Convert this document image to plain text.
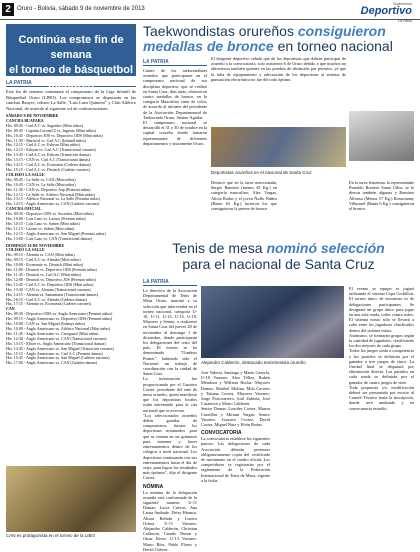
2	Oruro - Bolivia, sábado 9 de noviembre de 2013
Suplemento
Deportivo
La Patria
Continúa este fin de semana
el torneo de básquetbol menores
LA PATRIA
Este fin de semana continuará el campeonato de la Liga Infantil de Básquetbol Oruro (LIBO). Los compromisos se disputarán en las canchas Bauyre, coliseo La Salle, "Luis Lazo Quintero" y Club Atlético Nacional, de acuerdo al siguiente rol de confrontaciones:
SÁBADO 9 DE NOVIEMBRE
CANCHA BUAYARA
Hrs. 09:45 - Carl A.C vs. Sagrados (Mini niños)
Hrs. 09:45 - Capitán Coronel Z vs. Ingenio (Mini niños)
Hrs. 10:45 - Deportivo JOS vs. Deportivo ODS (Mini niñas)
Hrs. 11:30 - Mariscal vs. Carl A.C (Infantil niños)
Hrs. 12:15 - Carl A.C vs. Esbyan (Mini niños)
Hrs. 12:15 - Esbyan vs. Carl A.C (Transicional varones)
Hrs. 13:45 - Carl A.C vs. Esbyan (Transición damas)
Hrs. 13:15 - CAN vs. Carl A.C (Transicional damas)
Hrs. 14:15 - Carl A.C vs. Economía (Cadetes damas)
Hrs. 15:15 - Carl A.C vs. Deutsch (Cadetes varones)
COLISEO LA SALLE
Hrs. 09:45 - La Salle vs. CAN (Mini niños)
Hrs. 10:45 - CAN vs. La Salle (Mini niños)
Hrs. 11:30 - CAN vs. Deportivo Aap (Premini niñas)
Hrs. 12:15 - La Salle vs. Atlético Nacional (Mini niñas)
Hrs. 13:15 - Atlético Nacional vs. La Salle (Premini niñas)
Hrs. 14:15 - Anglo Americano vs. CAN (Cadetes varones)
CANCHA OFICIAL
Hrs. 09:30 - Deportivo ODS vs. Sacrados (Mini niños)
Hrs. 10:00 - Luis Lazo vs. Lazaro (Premini niñas)
Hrs. 10:15 - Luis Lazo vs. Saben (Mini niños)
Hrs. 11:15 - Lazaro vs. Saben (Mini niñas)
Hrs. 12:15 - Anglo Americano vs. San Miguel (Premini niños)
Hrs. 13:00 - Luis Lazo vs. CAN (Transicional damas)
DOMINGO 10 DE NOVIEMBRE
COLISEO LA SALLE
Hrs. 09:15 - Alemán vs. CAN (Mini niñas)
Hrs. 09:15 - Carl A.C vs. Alemán (Mini niños)
Hrs. 10:00 - Economía vs. Deutsch (Mini niños)
Hrs. 11:00 - Deutsch vs. Deportivo ODS (Premini niñas)
Hrs. 11:45 - Deutsch vs. Carl A.C (Mini niñas)
Hrs. 12:00 - Deutsch vs. Deportivo JOS (Premini niños)
Hrs. 12:45 - Carl A.C vs. Deportivo ODS (Mini niños)
Hrs. 13:30 - CAN vs. Alemán (Transicional varones)
Hrs. 14:15 - Alemán vs. Santamaría (Transicional damas)
Hrs. 16:15 - Carl A.C vs. Alemán (Cadetes damas)
Hrs. 17:15 - Alemán vs. Economía (Cadetes varones)
CAN
Hrs. 09:30 - Deportivo ODS vs. Anglo Americano (Premini niños)
Hrs. 09:15 - Anglo Americano vs. Deportivo ODS (Premini niñas)
Hrs. 10:00 - CAN vs. San Miguel (Infanys niños)
Hrs. 10:00 - Anglo Americano vs. Atlético Nacional (Mini niñas)
Hrs. 11:45 - Anglo Americano vs. Caseguaol (Mini niñas)
Hrs. 12:30 - Anglo Americano vs. CAN (Transicional varones)
Hrs. 13:15 - Elixer vs. Anglo Americano (Transicional damas)
Hrs. 14:45 - Anglo Americano vs. San Miguel (Transición varones)
Hrs. 15:15 - Anglo Americano vs. Carl A.C (Premini damas)
Hrs. 15:45 - Anglo Americano vs. San Miguel (Cadetes varones)
Hrs. 17:00 - Anglo Americano vs. CAN (Cadetes damas)
CAN es protagonista en el torneo de la LIBO
Taekwondistas orureños consiguieron
medallas de bronce en torneo nacional
LA PATRIA
Cuatro de los taekwondistas orureños que participaron en el campeonato nacional de esa disciplina deportiva, que se realizó en Santa Cruz, días atrás, obtuvieron cuatro medallas de bronce, en la categoría Masculino cinta de color, de acuerdo al informe del presidente de la Asociación Departamental de Taekwondo Oruro, Steiner Aguilar.
El campeonato nacional se desarrolló el 31 y 30 de octubre en la capital cruceña donde tomaron representantes de diferentes departamentos y únicamente Oruro.
El dirigente deportivo señaló que de los deportistas que debían participar de acuerdo a la convocatoria, solo asistieron 6 de Oruro debido a que muchos no obtuvieron también quienes en las pruebas de distinción por permiso, ya que la falta de equipamiento y adecuación de los deportistas al sistema de puntuación electrónica no fue del todo óptimo.
Deportistas orureños en el nacional de Santa Cruz
Destacó que en la tarea mencionada, Sergio Ramírez (menos 45 Kg.) en categoría masculino; Alex Vargas, Alicia Rodas y el joven Ñuflo Núñez (Banta 63 Kg.) lucieron los que consiguieron la presea de bronce.
En la tarea femenina, la representante Ronaldo Romero Santa Ulloa, se le dieron también algunas y Ramírez Alfonso (Menos 57 Kg.) Rossomany Villarruel (Banta 6 Kg.) consiguieron el bronce.
Tenis de mesa nominó selección
para el nacional de Santa Cruz
LA PATRIA
La directiva de la Asociación Departamental de Tenis de Mesa Oruro, nominó a su selección que intervendrá en el torneo nacional, categoría U-10, U-11, U-13, U-15, U-18, Mayores y Senior, a realizarse en Santa Cruz del jueves 28 de noviembre al domingo 1 de diciembre, donde participarán los delegaciones del resto del país. El evento se ha denominado "Gimbsrs Primer", habiendo sido el Nacional un trabajo de coordinación con la ciudad de Santa Cruz.
La información fue proporcionada por el Gustavo Cortez, presidente del ente de mesa orureño, quien manifestó que los deportistas locales están entrenando para la cita nacional que se avecina.
"Los seleccionados orureños deben guardar de compromisos; fuimos los deportistas nominados para que se reúnan en un gimnasio para entrenar y hacer entrenamientos dentro de los colegios a nivel nacional. Los deportistas continuarán con sus entrenamientos hasta el día de viaje, para lograr los resultados más óptimos", dijo el dirigente Cortez.
NÓMINA
La nómina de la delegación orureña está conformada de la siguiente manera: U-11 Damas: Lucia Cuevas, Ana Laura Andrade, Deisy Huanca, Alison Beltrán y Lucero Ochoa. U-11 Varones: Alejandro Calderón, Christian Calderón, Camilo Duran y Omar Rivas. U-13 Varones: Mario Ríos, Pablo Flores y David Chávez.
Alejandro Calderón, destacado tenismesista orureño
José Valeria, Santiago y Mario Cazorla, U-18 Varones: Alex Téllez, Rubén Mendoza y William Rocha. Mayores Damas: Maribel Molina, Mila Caceres y Tatiana Correa, Mayores Varones: Jorge Portocarrero, José Zubieta, José Casanova y Mario Calderón.
Senior Damas: Lourdes Cortez, Marisa Castellón y Miriam Vargas. Senior Varones: Gustavo Cortez, David Cortez, Miguel Ruiz y Efrén Rodas.
CONVOCATORIA
La convocatoria establece los siguientes puntos: Las delegaciones de cada Asociación deberán presentar obligatoriamente copia del certificado de nacimiento en el cuadro oficial. Los competidores se registrarán por el reglamento de la Federación Internacional de Tenis de Mesa, vigente a la fecha.
El evento se equipo es jugará utilizando el sistema Copa Corbillon. El torneo único de encuentro es de delegaciones participantes. Se designará un grupo único para jugar en una sola ronda, todos contra todos. El sistema mixto sólo se llevará a cabo entre los jugadores clasificados dentro del sistema mixto.
Asimismo, se formarán grupos según la cantidad de jugadores, clasificando los dos mejores de cada grupo.
Todos los juegos serán a competencia y los partidos se definirán por el ganador a tres juegos de cinco. La Unidad final se disputará por eliminación directa. Los partidos en cada ronda se definirán por el ganador de cuatro juegos de siete.
Toda propuesta y/o modificación deberá ser presentada por escrito al Comité Técnico hasta la inscripción, donde será analizado y en consecuencia resuelto.
